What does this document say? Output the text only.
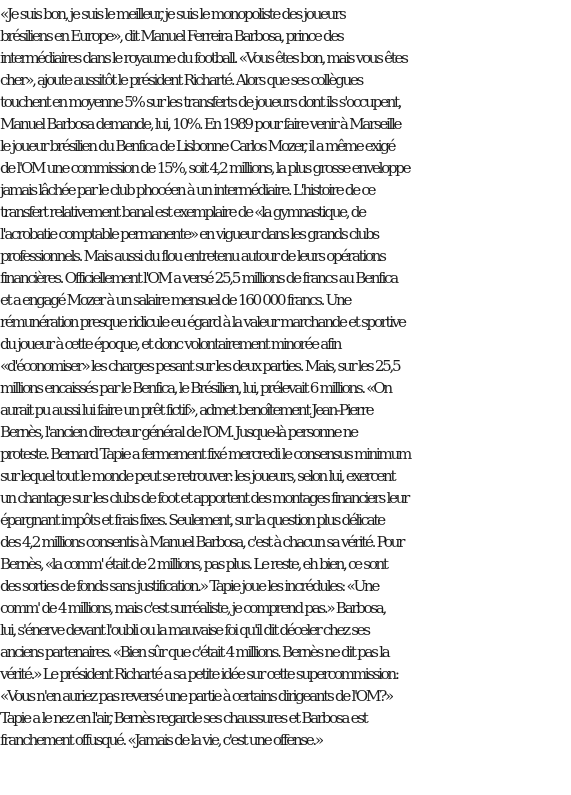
«Je suis bon, je suis le meilleur, je suis le monopoliste des joueurs
brésiliens en Europe», dit Manuel Ferreira Barbosa, prince des
intermédiaires dans le royaume du football. «Vous êtes bon, mais vous êtes
cher», ajoute aussitôt le président Richarté. Alors que ses collègues
touchent en moyenne 5% sur les transferts de joueurs dont ils s'occupent,
Manuel Barbosa demande, lui, 10%. En 1989 pour faire venir à Marseille
le joueur brésilien du Benfica de Lisbonne Carlos Mozer, il a même exigé
de l'OM une commission de 15%, soit 4,2 millions, la plus grosse enveloppe
jamais lâchée par le club phocéen à un intermédiaire. L'histoire de ce
transfert relativement banal est exemplaire de «la gymnastique, de
l'acrobatie comptable permanente» en vigueur dans les grands clubs
professionnels. Mais aussi du flou entretenu autour de leurs opérations
financières. Officiellement l'OM a versé 25,5 millions de francs au Benfica
et a engagé Mozer à un salaire mensuel de 160 000 francs. Une
rémunération presque ridicule eu égard à la valeur marchande et sportive
du joueur à cette époque, et donc volontairement minorée afin
«d'économiser» les charges pesant sur les deux parties. Mais, sur les 25,5
millions encaissés par le Benfica, le Brésilien, lui, prélevait 6 millions. «On
aurait pu aussi lui faire un prêt fictif», admet benoîtement Jean-Pierre
Bernès, l'ancien directeur général de l'OM. Jusque-là personne ne
proteste. Bernard Tapie a fermement fixé mercredi le consensus minimum
sur lequel tout le monde peut se retrouver: les joueurs, selon lui, exercent
un chantage sur les clubs de foot et apportent des montages financiers leur
épargnant impôts et frais fixes. Seulement, sur la question plus délicate
des 4,2 millions consentis à Manuel Barbosa, c'est à chacun sa vérité. Pour
Bernès, «la comm' était de 2 millions, pas plus. Le reste, eh bien, ce sont
des sorties de fonds sans justification.» Tapie joue les incrédules: «Une
comm' de 4 millions, mais c'est surréaliste, je comprend pas.» Barbosa,
lui, s'énerve devant l'oubli ou la mauvaise foi qu'il dit déceler chez ses
anciens partenaires. «Bien sûr que c'était 4 millions. Bernès ne dit pas la
vérité.» Le président Richarté a sa petite idée sur cette supercommission:
«Vous n'en auriez pas reversé une partie à certains dirigeants de l'OM?»
Tapie a le nez en l'air, Bernès regarde ses chaussures et Barbosa est
franchement offusqué. «Jamais de la vie, c'est une offense.»
